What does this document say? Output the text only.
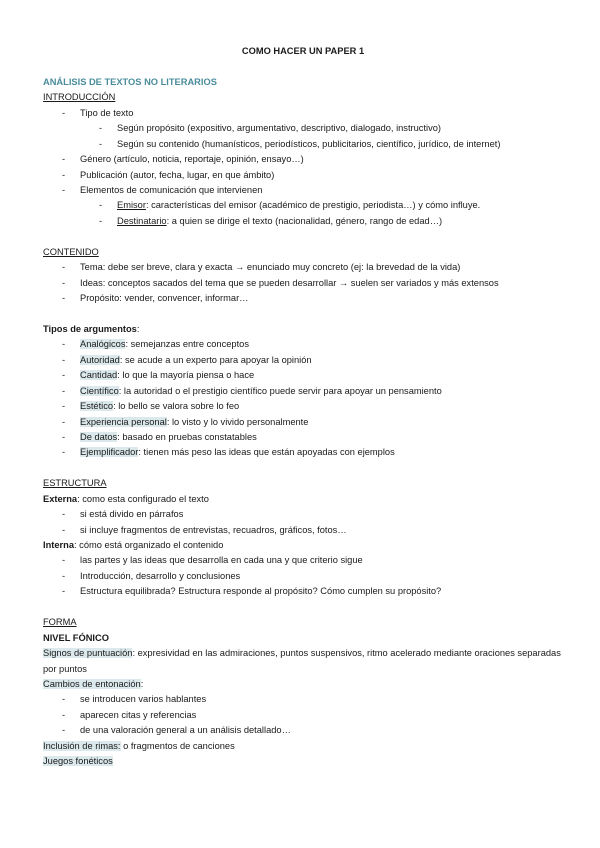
COMO HACER UN PAPER 1
ANÁLISIS DE TEXTOS NO LITERARIOS
INTRODUCCIÓN
- Tipo de texto
- Según propósito (expositivo, argumentativo, descriptivo, dialogado, instructivo)
- Según su contenido (humanísticos, periodísticos, publicitarios, científico, jurídico, de internet)
- Género (artículo, noticia, reportaje, opinión, ensayo…)
- Publicación (autor, fecha, lugar, en que ámbito)
- Elementos de comunicación que intervienen
- Emisor: características del emisor (académico de prestigio, periodista…) y cómo influye.
- Destinatario: a quien se dirige el texto (nacionalidad, género, rango de edad…)
CONTENIDO
- Tema: debe ser breve, clara y exacta → enunciado muy concreto (ej: la brevedad de la vida)
- Ideas: conceptos sacados del tema que se pueden desarrollar → suelen ser variados y más extensos
- Propósito: vender, convencer, informar…
Tipos de argumentos:
- Analógicos: semejanzas entre conceptos
- Autoridad: se acude a un experto para apoyar la opinión
- Cantidad: lo que la mayoría piensa o hace
- Científico: la autoridad o el prestigio científico puede servir para apoyar un pensamiento
- Estético: lo bello se valora sobre lo feo
- Experiencia personal: lo visto y lo vivido personalmente
- De datos: basado en pruebas constatables
- Ejemplificador: tienen más peso las ideas que están apoyadas con ejemplos
ESTRUCTURA
Externa: como esta configurado el texto
- si está divido en párrafos
- si incluye fragmentos de entrevistas, recuadros, gráficos, fotos…
Interna: cómo está organizado el contenido
- las partes y las ideas que desarrolla en cada una y que criterio sigue
- Introducción, desarrollo y conclusiones
- Estructura equilibrada? Estructura responde al propósito? Cómo cumplen su propósito?
FORMA
NIVEL FÓNICO
Signos de puntuación: expresividad en las admiraciones, puntos suspensivos, ritmo acelerado mediante oraciones separadas por puntos
Cambios de entonación:
- se introducen varios hablantes
- aparecen citas y referencias
- de una valoración general a un análisis detallado…
Inclusión de rimas: o fragmentos de canciones
Juegos fonéticos
